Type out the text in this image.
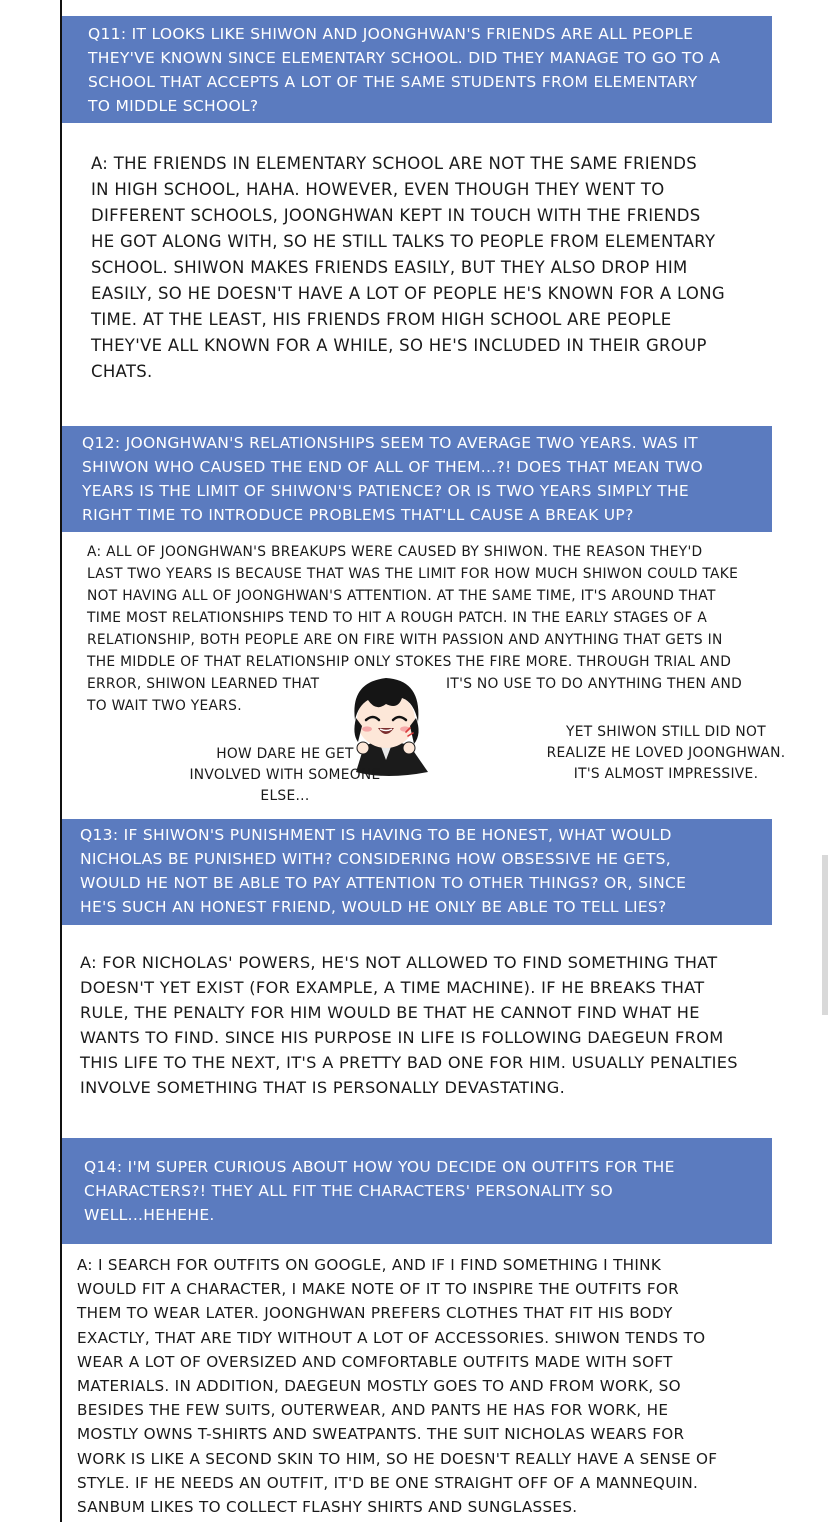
Q11: IT LOOKS LIKE SHIWON AND JOONGHWAN'S FRIENDS ARE ALL PEOPLE
THEY'VE KNOWN SINCE ELEMENTARY SCHOOL. DID THEY MANAGE TO GO TO A
SCHOOL THAT ACCEPTS A LOT OF THE SAME STUDENTS FROM ELEMENTARY
TO MIDDLE SCHOOL?
A: THE FRIENDS IN ELEMENTARY SCHOOL ARE NOT THE SAME FRIENDS
IN HIGH SCHOOL, HAHA. HOWEVER, EVEN THOUGH THEY WENT TO
DIFFERENT SCHOOLS, JOONGHWAN KEPT IN TOUCH WITH THE FRIENDS
HE GOT ALONG WITH, SO HE STILL TALKS TO PEOPLE FROM ELEMENTARY
SCHOOL. SHIWON MAKES FRIENDS EASILY, BUT THEY ALSO DROP HIM
EASILY, SO HE DOESN'T HAVE A LOT OF PEOPLE HE'S KNOWN FOR A LONG
TIME. AT THE LEAST, HIS FRIENDS FROM HIGH SCHOOL ARE PEOPLE
THEY'VE ALL KNOWN FOR A WHILE, SO HE'S INCLUDED IN THEIR GROUP
CHATS.
Q12: JOONGHWAN'S RELATIONSHIPS SEEM TO AVERAGE TWO YEARS. WAS IT
SHIWON WHO CAUSED THE END OF ALL OF THEM...?! DOES THAT MEAN TWO
YEARS IS THE LIMIT OF SHIWON'S PATIENCE? OR IS TWO YEARS SIMPLY THE
RIGHT TIME TO INTRODUCE PROBLEMS THAT'LL CAUSE A BREAK UP?
A: ALL OF JOONGHWAN'S BREAKUPS WERE CAUSED BY SHIWON. THE REASON THEY'D
LAST TWO YEARS IS BECAUSE THAT WAS THE LIMIT FOR HOW MUCH SHIWON COULD TAKE
NOT HAVING ALL OF JOONGHWAN'S ATTENTION. AT THE SAME TIME, IT'S AROUND THAT
TIME MOST RELATIONSHIPS TEND TO HIT A ROUGH PATCH. IN THE EARLY STAGES OF A
RELATIONSHIP, BOTH PEOPLE ARE ON FIRE WITH PASSION AND ANYTHING THAT GETS IN
THE MIDDLE OF THAT RELATIONSHIP ONLY STOKES THE FIRE MORE. THROUGH TRIAL AND
ERROR, SHIWON LEARNED THAT
TO WAIT TWO YEARS.
IT'S NO USE TO DO ANYTHING THEN AND
HOW DARE HE GET
INVOLVED WITH SOMEONE
ELSE...
YET SHIWON STILL DID NOT
REALIZE HE LOVED JOONGHWAN.
IT'S ALMOST IMPRESSIVE.
Q13: IF SHIWON'S PUNISHMENT IS HAVING TO BE HONEST, WHAT WOULD
NICHOLAS BE PUNISHED WITH? CONSIDERING HOW OBSESSIVE HE GETS,
WOULD HE NOT BE ABLE TO PAY ATTENTION TO OTHER THINGS? OR, SINCE
HE'S SUCH AN HONEST FRIEND, WOULD HE ONLY BE ABLE TO TELL LIES?
A: FOR NICHOLAS' POWERS, HE'S NOT ALLOWED TO FIND SOMETHING THAT
DOESN'T YET EXIST (FOR EXAMPLE, A TIME MACHINE). IF HE BREAKS THAT
RULE, THE PENALTY FOR HIM WOULD BE THAT HE CANNOT FIND WHAT HE
WANTS TO FIND. SINCE HIS PURPOSE IN LIFE IS FOLLOWING DAEGEUN FROM
THIS LIFE TO THE NEXT, IT'S A PRETTY BAD ONE FOR HIM. USUALLY PENALTIES
INVOLVE SOMETHING THAT IS PERSONALLY DEVASTATING.
Q14: I'M SUPER CURIOUS ABOUT HOW YOU DECIDE ON OUTFITS FOR THE
CHARACTERS?! THEY ALL FIT THE CHARACTERS' PERSONALITY SO
WELL...HEHEHE.
A: I SEARCH FOR OUTFITS ON GOOGLE, AND IF I FIND SOMETHING I THINK
WOULD FIT A CHARACTER, I MAKE NOTE OF IT TO INSPIRE THE OUTFITS FOR
THEM TO WEAR LATER. JOONGHWAN PREFERS CLOTHES THAT FIT HIS BODY
EXACTLY, THAT ARE TIDY WITHOUT A LOT OF ACCESSORIES. SHIWON TENDS TO
WEAR A LOT OF OVERSIZED AND COMFORTABLE OUTFITS MADE WITH SOFT
MATERIALS. IN ADDITION, DAEGEUN MOSTLY GOES TO AND FROM WORK, SO
BESIDES THE FEW SUITS, OUTERWEAR, AND PANTS HE HAS FOR WORK, HE
MOSTLY OWNS T-SHIRTS AND SWEATPANTS. THE SUIT NICHOLAS WEARS FOR
WORK IS LIKE A SECOND SKIN TO HIM, SO HE DOESN'T REALLY HAVE A SENSE OF
STYLE. IF HE NEEDS AN OUTFIT, IT'D BE ONE STRAIGHT OFF OF A MANNEQUIN.
SANBUM LIKES TO COLLECT FLASHY SHIRTS AND SUNGLASSES.
